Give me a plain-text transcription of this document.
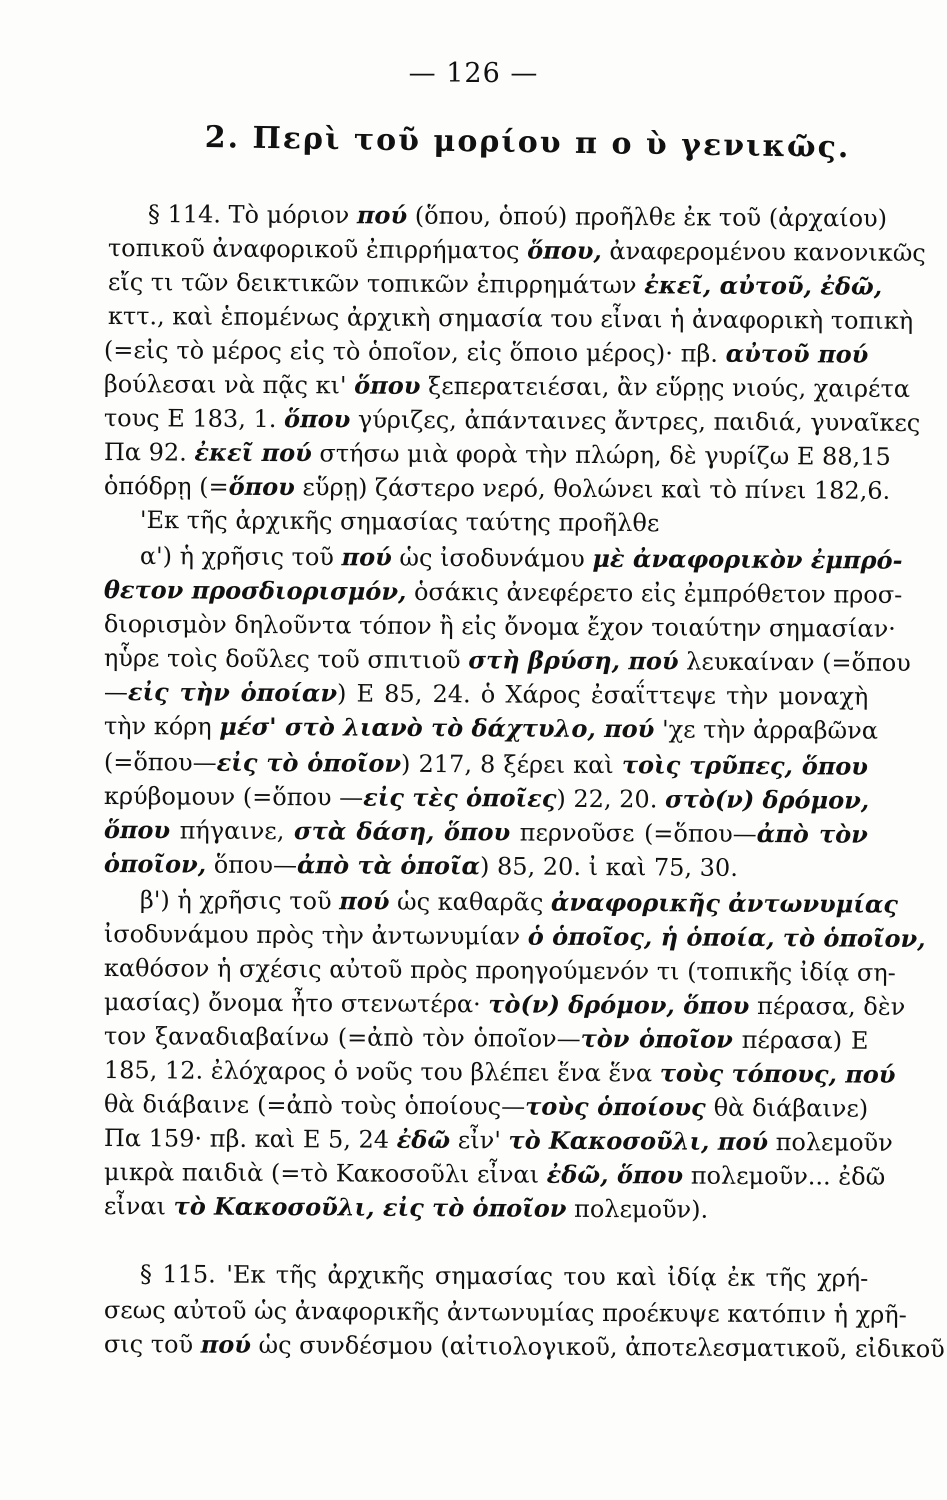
— 126 —
2. Περὶ τοῦ μορίου π ο ὺ γενικῶς.
§ 114. Τὸ μόριον πού (ὅπου, ὁπού) προῆλθε ἐκ τοῦ (ἀρχαίου)
τοπικοῦ ἀναφορικοῦ ἐπιρρήματος ὅπου, ἀναφερομένου κανονικῶς
εἴς τι τῶν δεικτικῶν τοπικῶν ἐπιρρημάτων ἐκεῖ, αὐτοῦ, ἐδῶ,
κττ., καὶ ἑπομένως ἀρχικὴ σημασία του εἶναι ἡ ἀναφορικὴ τοπικὴ
(=εἰς τὸ μέρος εἰς τὸ ὁποῖον, εἰς ὅποιο μέρος)· πβ. αὐτοῦ πού
βούλεσαι νὰ πᾷς κι' ὅπου ξεπερατειέσαι, ἂν εὕρῃς νιούς, χαιρέτα
τους Ε 183, 1. ὅπου γύριζες, ἀπάνταινες ἄντρες, παιδιά, γυναῖκες
Πα 92. ἐκεῖ πού στήσω μιὰ φορὰ τὴν πλώρη, δὲ γυρίζω Ε 88,15
ὁπόδρῃ (=ὅπου εὕρῃ) ζάστερο νερό, θολώνει καὶ τὸ πίνει 182,6.
'Εκ τῆς ἀρχικῆς σημασίας ταύτης προῆλθε
α') ἡ χρῆσις τοῦ πού ὡς ἰσοδυνάμου μὲ ἀναφορικὸν ἐμπρό-
θετον προσδιορισμόν, ὁσάκις ἀνεφέρετο εἰς ἐμπρόθετον προσ-
διορισμὸν δηλοῦντα τόπον ἢ εἰς ὄνομα ἔχον τοιαύτην σημασίαν·
ηὗρε τοὶς δοῦλες τοῦ σπιτιοῦ στὴ βρύση, πού λευκαίναν (=ὅπου
—εἰς τὴν ὁποίαν) Ε 85, 24. ὁ Χάρος ἐσαΐττεψε τὴν μοναχὴ
τὴν κόρη μέσ' στὸ λιανὸ τὸ δάχτυλο, πού 'χε τὴν ἀρραβῶνα
(=ὅπου—εἰς τὸ ὁποῖον) 217, 8 ξέρει καὶ τοὶς τρῦπες, ὅπου
κρύβομουν (=ὅπου —εἰς τὲς ὁποῖες) 22, 20. στὸ(ν) δρόμον,
ὅπου πήγαινε, στὰ δάση, ὅπου περνοῦσε (=ὅπου—ἀπὸ τὸν
ὁποῖον, ὅπου—ἀπὸ τὰ ὁποῖα) 85, 20. ἰ καὶ 75, 30.
β') ἡ χρῆσις τοῦ πού ὡς καθαρᾶς ἀναφορικῆς ἀντωνυμίας
ἰσοδυνάμου πρὸς τὴν ἀντωνυμίαν ὁ ὁποῖος, ἡ ὁποία, τὸ ὁποῖον,
καθόσον ἡ σχέσις αὐτοῦ πρὸς προηγούμενόν τι (τοπικῆς ἰδίᾳ ση-
μασίας) ὄνομα ἦτο στενωτέρα· τὸ(ν) δρόμον, ὅπου πέρασα, δὲν
τον ξαναδιαβαίνω (=ἀπὸ τὸν ὁποῖον—τὸν ὁποῖον πέρασα) Ε
185, 12. ἐλόχαρος ὁ νοῦς του βλέπει ἕνα ἕνα τοὺς τόπους, πού
θὰ διάβαινε (=ἀπὸ τοὺς ὁποίους—τοὺς ὁποίους θὰ διάβαινε)
Πα 159· πβ. καὶ Ε 5, 24 ἐδῶ εἶν' τὸ Κακοσοῦλι, πού πολεμοῦν
μικρὰ παιδιὰ (=τὸ Κακοσοῦλι εἶναι ἐδῶ, ὅπου πολεμοῦν... ἐδῶ
εἶναι τὸ Κακοσοῦλι, εἰς τὸ ὁποῖον πολεμοῦν).
§ 115. 'Εκ τῆς ἀρχικῆς σημασίας του καὶ ἰδίᾳ ἐκ τῆς χρή-
σεως αὐτοῦ ὡς ἀναφορικῆς ἀντωνυμίας προέκυψε κατόπιν ἡ χρῆ-
σις τοῦ πού ὡς συνδέσμου (αἰτιολογικοῦ, ἀποτελεσματικοῦ, εἰδικοῦ
